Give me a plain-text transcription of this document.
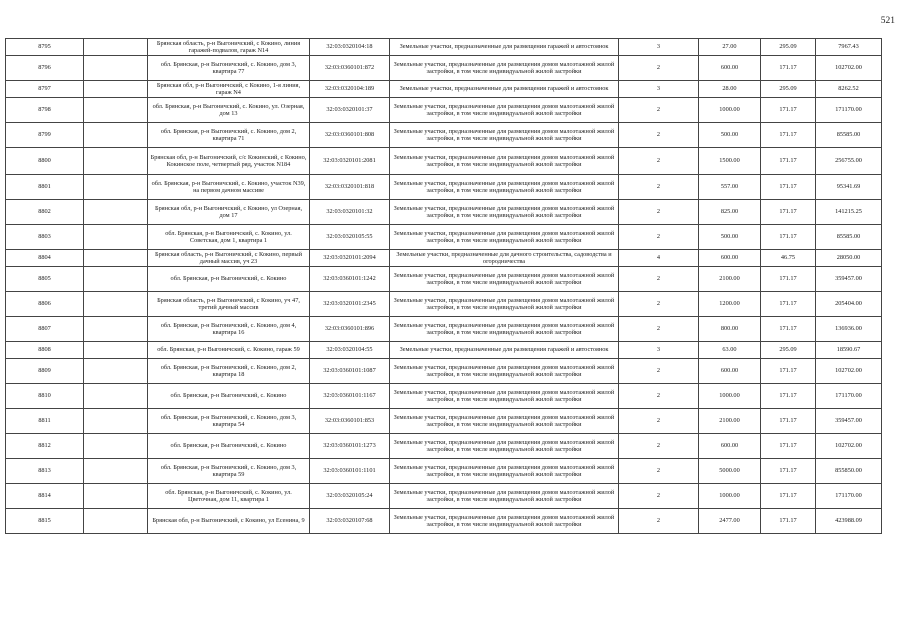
521
8795		Брянская область, р-н Выгоничский, с Кокино, линия гаражей-подвалов, гараж N14	32:03:0320104:18	Земельные участки, предназначенные для размещения гаражей и автостоянок	3	27.00	295.09	7967.43
8796		обл. Брянская, р-н Выгоничский, с. Кокино, дом 3, квартира 77	32:03:0360101:872	Земельные участки, предназначенные для размещения домов малоэтажной жилой застройки, в том числе индивидуальной жилой застройки	2	600.00	171.17	102702.00
8797		Брянская обл, р-н Выгоничский, с Кокино, 1-я линия, гараж N4	32:03:0320104:189	Земельные участки, предназначенные для размещения гаражей и автостоянок	3	28.00	295.09	8262.52
8798		обл. Брянская, р-н Выгоничский, с. Кокино, ул. Озерная, дом 13	32:03:0320101:37	Земельные участки, предназначенные для размещения домов малоэтажной жилой застройки, в том числе индивидуальной жилой застройки	2	1000.00	171.17	171170.00
8799		обл. Брянская, р-н Выгоничский, с. Кокино, дом 2, квартира 71	32:03:0360101:808	Земельные участки, предназначенные для размещения домов малоэтажной жилой застройки, в том числе индивидуальной жилой застройки	2	500.00	171.17	85585.00
8800		Брянская обл, р-н Выгоничский, с/с Кокинский, с Кокино, Кокинское поле, четвертый ряд, участок N184	32:03:0320101:2081	Земельные участки, предназначенные для размещения домов малоэтажной жилой застройки, в том числе индивидуальной жилой застройки	2	1500.00	171.17	256755.00
8801		обл. Брянская, р-н Выгоничский, с. Кокино, участок N39, на первом дачном массиве	32:03:0320101:818	Земельные участки, предназначенные для размещения домов малоэтажной жилой застройки, в том числе индивидуальной жилой застройки	2	557.00	171.17	95341.69
8802		Брянская обл, р-н Выгоничский, с Кокино, ул Озерная, дом 17	32:03:0320101:32	Земельные участки, предназначенные для размещения домов малоэтажной жилой застройки, в том числе индивидуальной жилой застройки	2	825.00	171.17	141215.25
8803		обл. Брянская, р-н Выгоничский, с. Кокино, ул. Советская, дом 1, квартира 1	32:03:0320105:55	Земельные участки, предназначенные для размещения домов малоэтажной жилой застройки, в том числе индивидуальной жилой застройки	2	500.00	171.17	85585.00
8804		Брянская область, р-н Выгоничский, с Кокино, первый дачный массив, уч 23	32:03:0320101:2094	Земельные участки, предназначенные для дачного строительства, садоводства и огородничества	4	600.00	46.75	28050.00
8805		обл. Брянская, р-н Выгоничский, с. Кокино	32:03:0360101:1242	Земельные участки, предназначенные для размещения домов малоэтажной жилой застройки, в том числе индивидуальной жилой застройки	2	2100.00	171.17	359457.00
8806		Брянская область, р-н Выгоничский, с Кокино, уч 47, третий дачный массив	32:03:0320101:2345	Земельные участки, предназначенные для размещения домов малоэтажной жилой застройки, в том числе индивидуальной жилой застройки	2	1200.00	171.17	205404.00
8807		обл. Брянская, р-н Выгоничский, с. Кокино, дом 4, квартира 16	32:03:0360101:896	Земельные участки, предназначенные для размещения домов малоэтажной жилой застройки, в том числе индивидуальной жилой застройки	2	800.00	171.17	136936.00
8808		обл. Брянская, р-н Выгоничский, с. Кокино, гараж 59	32:03:0320104:55	Земельные участки, предназначенные для размещения гаражей и автостоянок	3	63.00	295.09	18590.67
8809		обл. Брянская, р-н Выгоничский, с. Кокино, дом 2, квартира 18	32:03:0360101:1087	Земельные участки, предназначенные для размещения домов малоэтажной жилой застройки, в том числе индивидуальной жилой застройки	2	600.00	171.17	102702.00
8810		обл. Брянская, р-н Выгоничский, с. Кокино	32:03:0360101:1167	Земельные участки, предназначенные для размещения домов малоэтажной жилой застройки, в том числе индивидуальной жилой застройки	2	1000.00	171.17	171170.00
8811		обл. Брянская, р-н Выгоничский, с. Кокино, дом 3, квартира 54	32:03:0360101:853	Земельные участки, предназначенные для размещения домов малоэтажной жилой застройки, в том числе индивидуальной жилой застройки	2	2100.00	171.17	359457.00
8812		обл. Брянская, р-н Выгоничский, с. Кокино	32:03:0360101:1273	Земельные участки, предназначенные для размещения домов малоэтажной жилой застройки, в том числе индивидуальной жилой застройки	2	600.00	171.17	102702.00
8813		обл. Брянская, р-н Выгоничский, с. Кокино, дом 3, квартира 59	32:03:0360101:1101	Земельные участки, предназначенные для размещения домов малоэтажной жилой застройки, в том числе индивидуальной жилой застройки	2	5000.00	171.17	855850.00
8814		обл. Брянская, р-н Выгоничский, с. Кокино, ул. Цветочная, дом 11, квартира 1	32:03:0320105:24	Земельные участки, предназначенные для размещения домов малоэтажной жилой застройки, в том числе индивидуальной жилой застройки	2	1000.00	171.17	171170.00
8815		Брянская обл, р-н Выгоничский, с Кокино, ул Есенина, 9	32:03:0320107:68	Земельные участки, предназначенные для размещения домов малоэтажной жилой застройки, в том числе индивидуальной жилой застройки	2	2477.00	171.17	423988.09
